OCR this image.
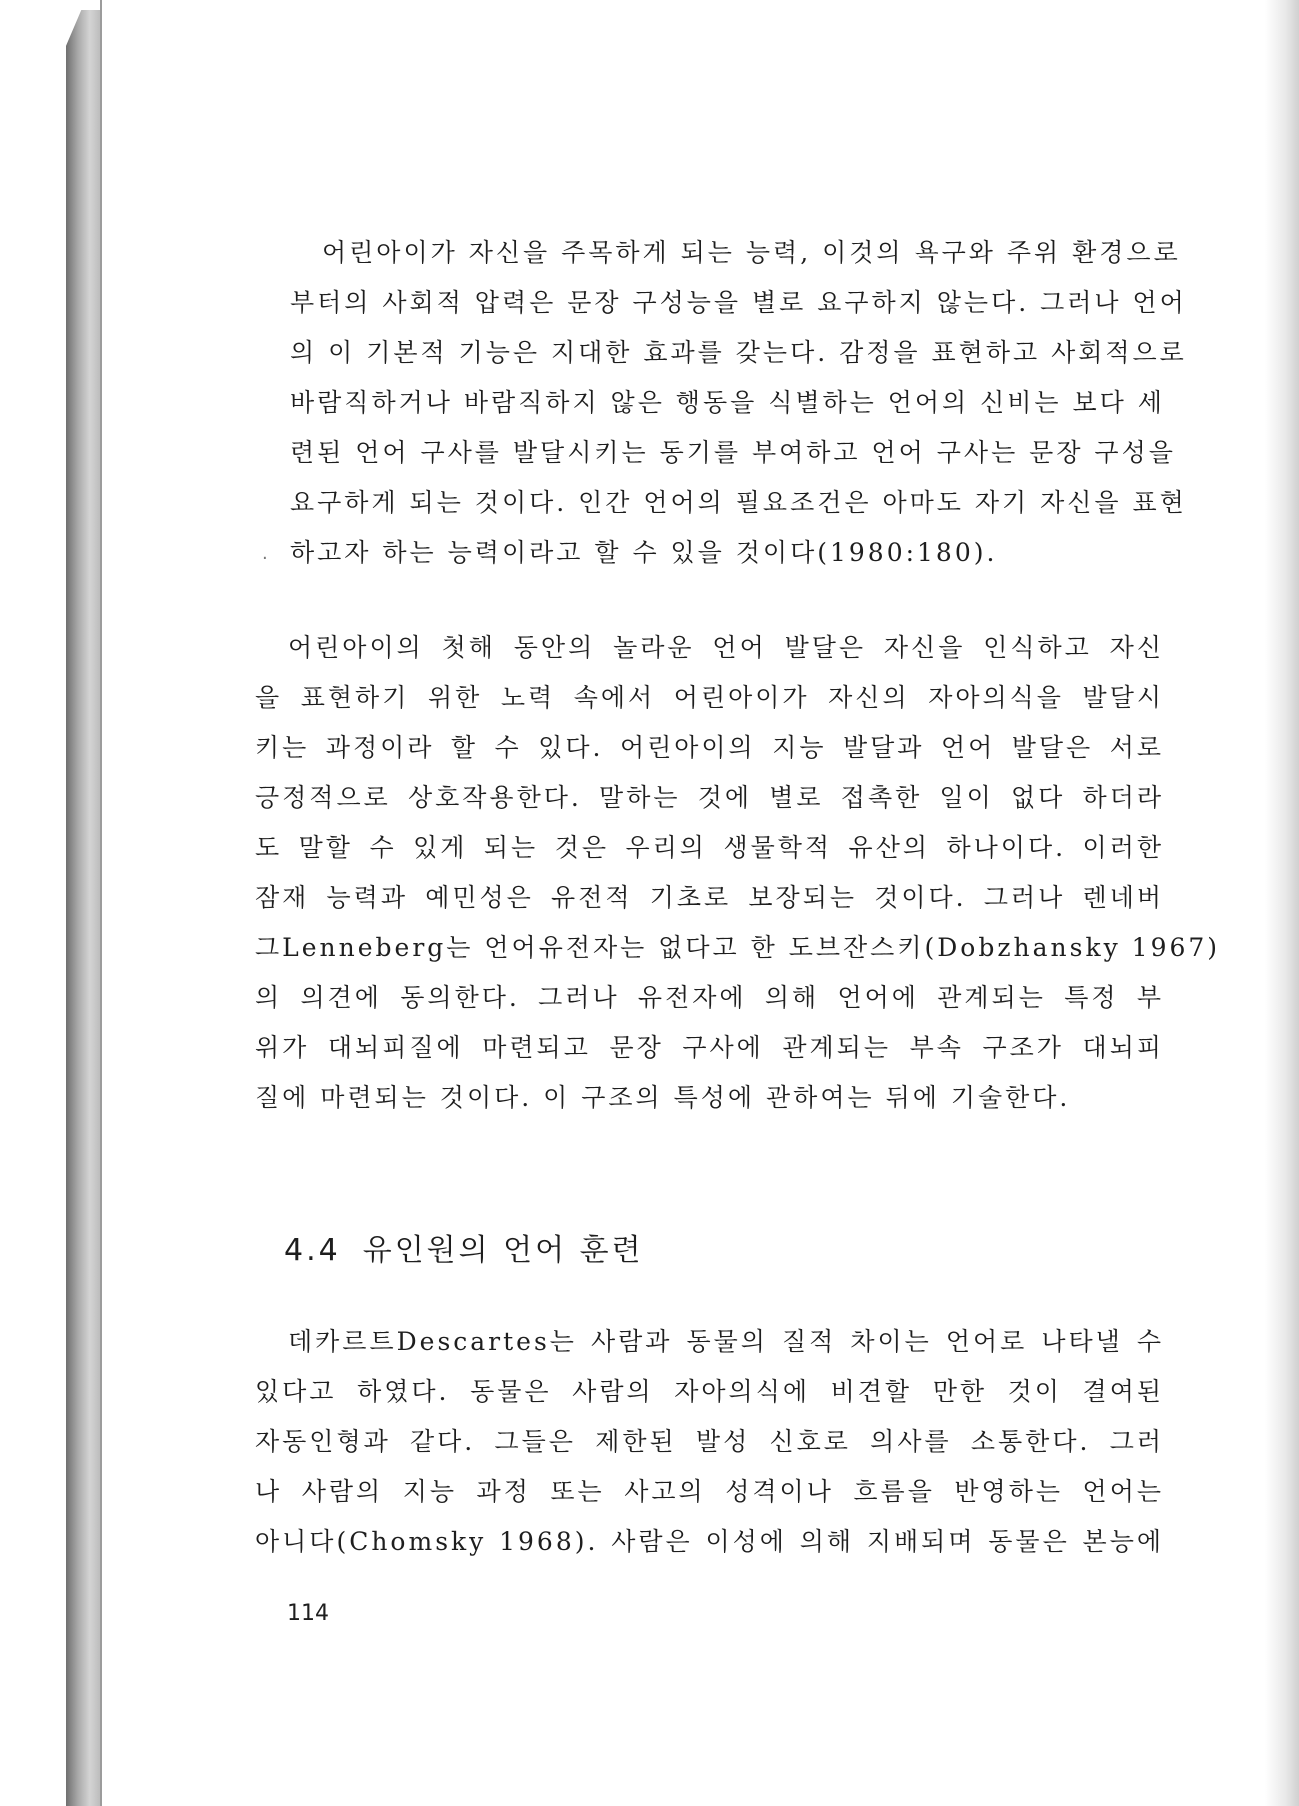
어린아이가 자신을 주목하게 되는 능력, 이것의 욕구와 주위 환경으로
부터의 사회적 압력은 문장 구성능을 별로 요구하지 않는다. 그러나 언어
의 이 기본적 기능은 지대한 효과를 갖는다. 감정을 표현하고 사회적으로
바람직하거나 바람직하지 않은 행동을 식별하는 언어의 신비는 보다 세
련된 언어 구사를 발달시키는 동기를 부여하고 언어 구사는 문장 구성을
요구하게 되는 것이다. 인간 언어의 필요조건은 아마도 자기 자신을 표현
하고자 하는 능력이라고 할 수 있을 것이다(1980:180).
어린아이의 첫해 동안의 놀라운 언어 발달은 자신을 인식하고 자신
을 표현하기 위한 노력 속에서 어린아이가 자신의 자아의식을 발달시
키는 과정이라 할 수 있다. 어린아이의 지능 발달과 언어 발달은 서로
긍정적으로 상호작용한다. 말하는 것에 별로 접촉한 일이 없다 하더라
도 말할 수 있게 되는 것은 우리의 생물학적 유산의 하나이다. 이러한
잠재 능력과 예민성은 유전적 기초로 보장되는 것이다. 그러나 렌네버
그Lenneberg는 언어유전자는 없다고 한 도브잔스키(Dobzhansky 1967)
의 의견에 동의한다. 그러나 유전자에 의해 언어에 관계되는 특정 부
위가 대뇌피질에 마련되고 문장 구사에 관계되는 부속 구조가 대뇌피
질에 마련되는 것이다. 이 구조의 특성에 관하여는 뒤에 기술한다.
데카르트Descartes는 사람과 동물의 질적 차이는 언어로 나타낼 수
있다고 하였다. 동물은 사람의 자아의식에 비견할 만한 것이 결여된
자동인형과 같다. 그들은 제한된 발성 신호로 의사를 소통한다. 그러
나 사람의 지능 과정 또는 사고의 성격이나 흐름을 반영하는 언어는
아니다(Chomsky 1968). 사람은 이성에 의해 지배되며 동물은 본능에
·
4.4 유인원의 언어 훈련
114
